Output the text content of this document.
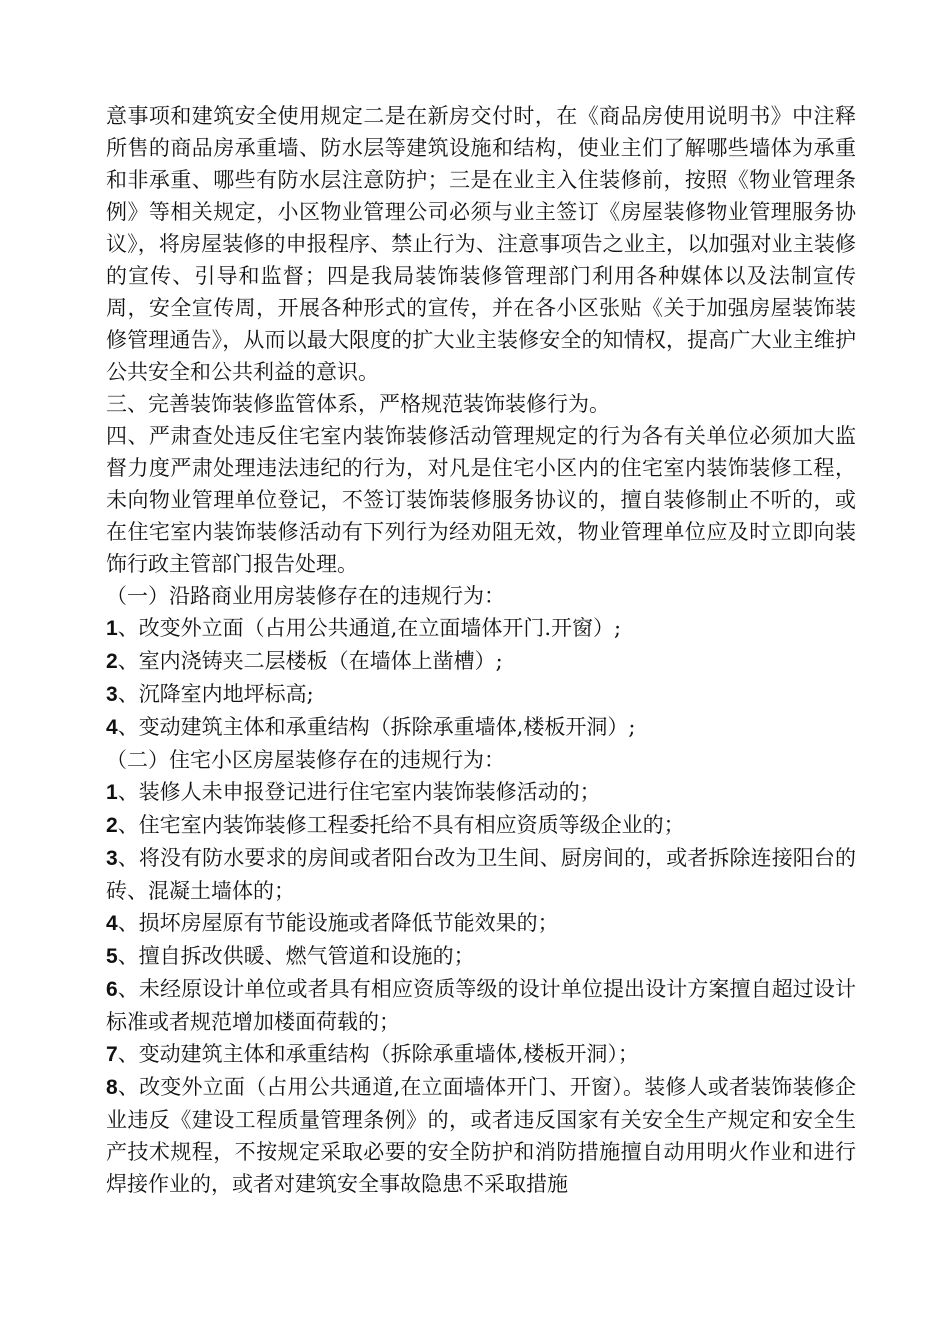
意事项和建筑安全使用规定二是在新房交付时，在《商品房使用说明书》中注释所售的商品房承重墙、防水层等建筑设施和结构，使业主们了解哪些墙体为承重和非承重、哪些有防水层注意防护；三是在业主入住装修前，按照《物业管理条例》等相关规定，小区物业管理公司必须与业主签订《房屋装修物业管理服务协议》，将房屋装修的申报程序、禁止行为、注意事项告之业主，以加强对业主装修的宣传、引导和监督；四是我局装饰装修管理部门利用各种媒体以及法制宣传周，安全宣传周，开展各种形式的宣传，并在各小区张贴《关于加强房屋装饰装修管理通告》，从而以最大限度的扩大业主装修安全的知情权，提高广大业主维护公共安全和公共利益的意识。

三、完善装饰装修监管体系，严格规范装饰装修行为。

四、严肃查处违反住宅室内装饰装修活动管理规定的行为各有关单位必须加大监督力度严肃处理违法违纪的行为，对凡是住宅小区内的住宅室内装饰装修工程，未向物业管理单位登记，不签订装饰装修服务协议的，擅自装修制止不听的，或在住宅室内装饰装修活动有下列行为经劝阻无效，物业管理单位应及时立即向装饰行政主管部门报告处理。

（一）沿路商业用房装修存在的违规行为：

1、改变外立面（占用公共通道,在立面墙体开门.开窗）;

2、室内浇铸夹二层楼板（在墙体上凿槽）;

3、沉降室内地坪标高;

4、变动建筑主体和承重结构（拆除承重墙体,楼板开洞）;

（二）住宅小区房屋装修存在的违规行为：

1、装修人未申报登记进行住宅室内装饰装修活动的；

2、住宅室内装饰装修工程委托给不具有相应资质等级企业的；

3、将没有防水要求的房间或者阳台改为卫生间、厨房间的，或者拆除连接阳台的砖、混凝土墙体的；

4、损坏房屋原有节能设施或者降低节能效果的；

5、擅自拆改供暖、燃气管道和设施的；

6、未经原设计单位或者具有相应资质等级的设计单位提出设计方案擅自超过设计标准或者规范增加楼面荷载的；

7、变动建筑主体和承重结构（拆除承重墙体,楼板开洞）；

8、改变外立面（占用公共通道,在立面墙体开门、开窗）。装修人或者装饰装修企业违反《建设工程质量管理条例》的，或者违反国家有关安全生产规定和安全生产技术规程，不按规定采取必要的安全防护和消防措施擅自动用明火作业和进行焊接作业的，或者对建筑安全事故隐患不采取措施
